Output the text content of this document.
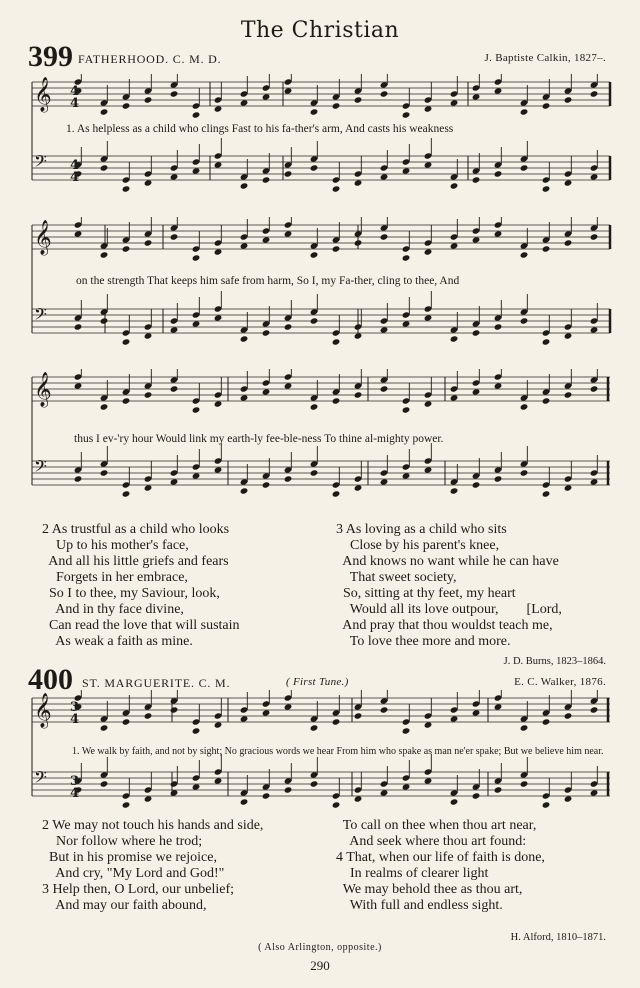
The Christian
399 FATHERHOOD. C. M. D.	J. Baptiste Calkin, 1827–.
𝄞
𝄢
4
4
4
4
1. As helpless as a child who clings Fast to his fa-ther's arm, And casts his weakness
𝄞
𝄢
on the strength That keeps him safe from harm, So I, my Fa-ther, cling to thee, And
𝄞
𝄢
thus I ev-'ry hour Would link my earth-ly fee-ble-ness To thine al-mighty power.
2 As trustful as a child who looks
Up to his mother's face,
And all his little griefs and fears
Forgets in her embrace,
So I to thee, my Saviour, look,
And in thy face divine,
Can read the love that will sustain
As weak a faith as mine.
3 As loving as a child who sits
Close by his parent's knee,
And knows no want while he can have
That sweet society,
So, sitting at thy feet, my heart
Would all its love outpour,        [Lord,
And pray that thou wouldst teach me,
To love thee more and more.
J. D. Burns, 1823–1864.
400 ST. MARGUERITE. C. M.	( First Tune.)	E. C. Walker, 1876.
𝄞
𝄢
3
4
3
4
1. We walk by faith, and not by sight; No gracious words we hear From him who spake as man ne'er spake; But we believe him near.
2 We may not touch his hands and side,
Nor follow where he trod;
But in his promise we rejoice,
And cry, "My Lord and God!"
3 Help then, O Lord, our unbelief;
And may our faith abound,
To call on thee when thou art near,
And seek where thou art found:
4 That, when our life of faith is done,
In realms of clearer light
We may behold thee as thou art,
With full and endless sight.
H. Alford, 1810–1871.
( Also Arlington, opposite.)
290
